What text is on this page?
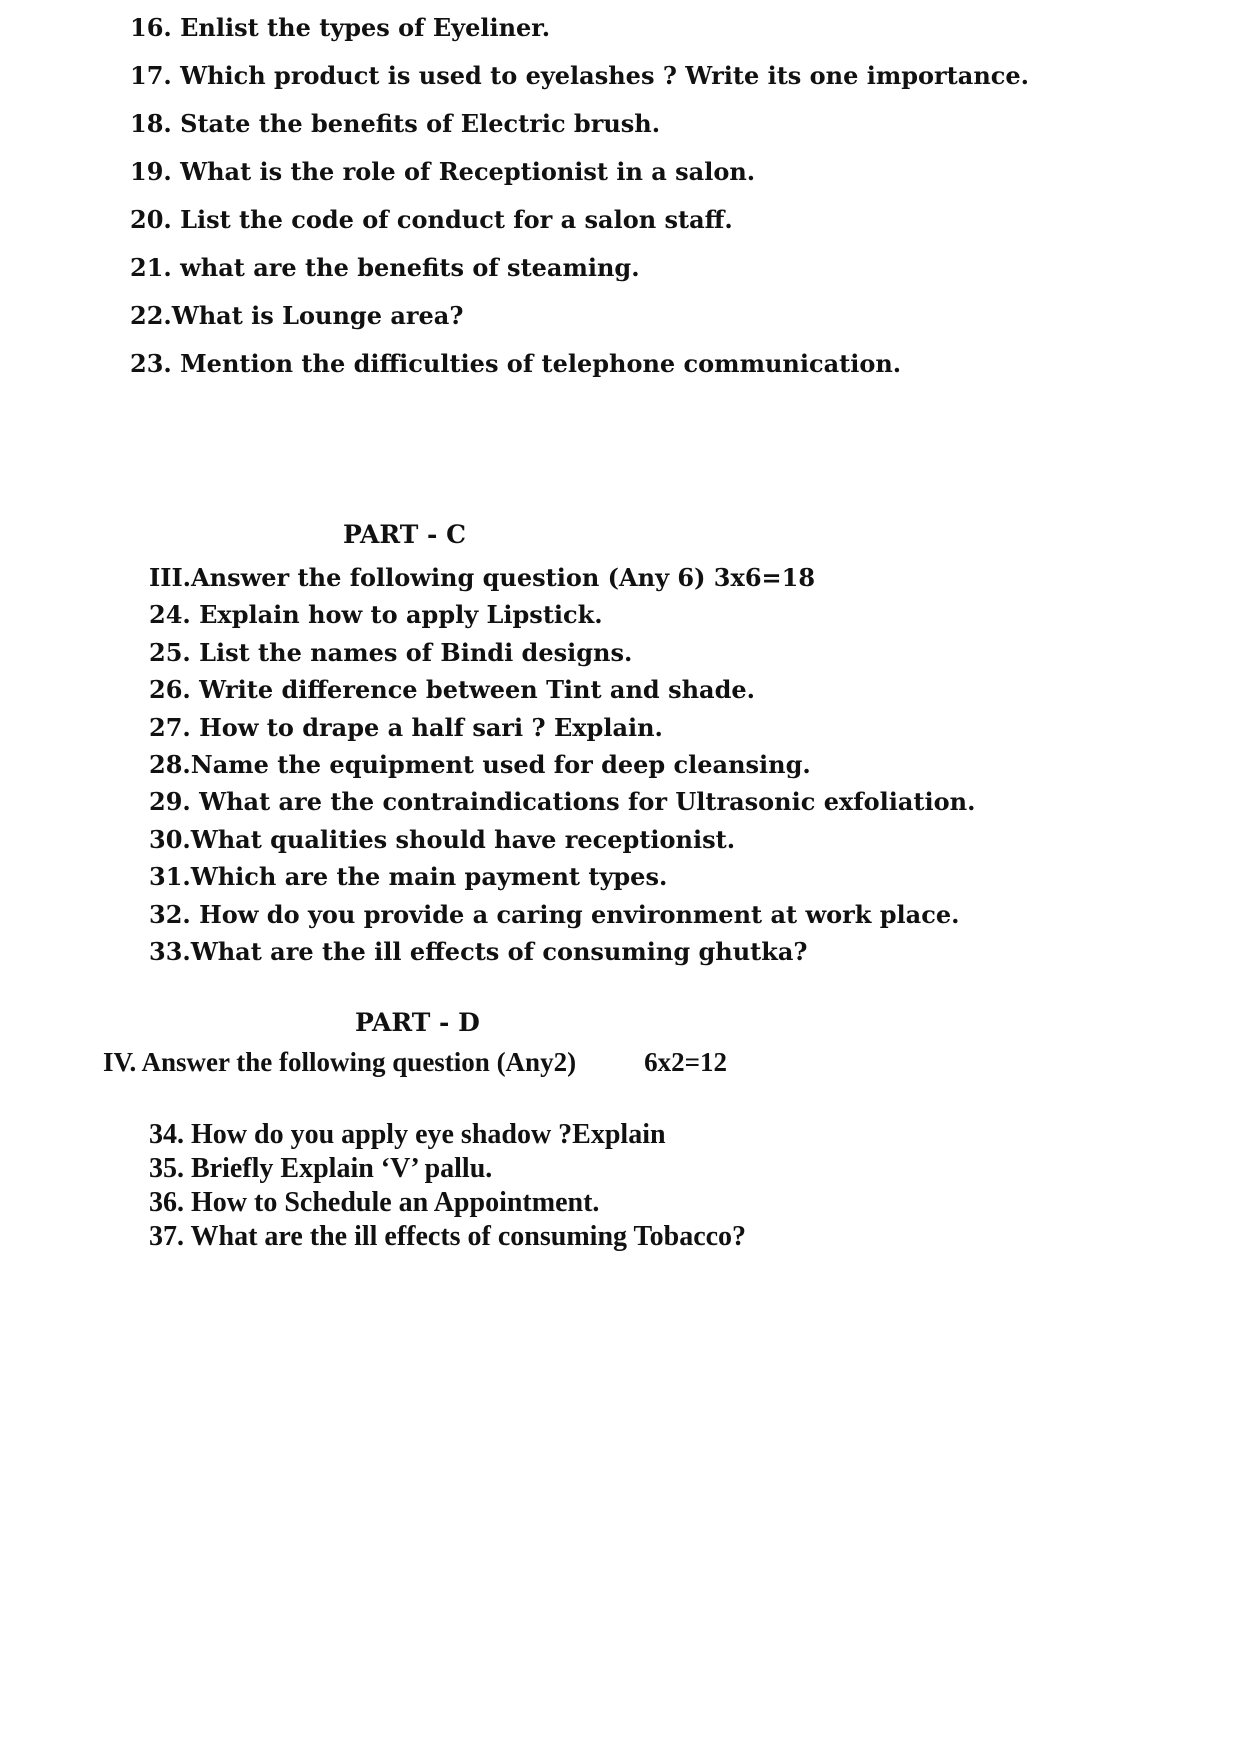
16. Enlist the types of Eyeliner.
17. Which product is used to eyelashes ? Write its one importance.
18. State the benefits of Electric brush.
19. What is the role of Receptionist in a salon.
20. List the code of conduct for a salon staff.
21. what are the benefits of steaming.
22.What is Lounge area?
23. Mention the difficulties of telephone communication.
PART - C
III.Answer the following question (Any 6) 3x6=18
24. Explain how to apply Lipstick.
25. List the names of Bindi designs.
26. Write difference between Tint and shade.
27. How to drape a half sari ? Explain.
28.Name the equipment used for deep cleansing.
29. What are the contraindications for Ultrasonic exfoliation.
30.What qualities should have receptionist.
31.Which are the main payment types.
32. How do you provide a caring environment at work place.
33.What are the ill effects of consuming ghutka?
PART - D
IV. Answer the following question (Any2)	6x2=12
34. How do you apply eye shadow ?Explain
35. Briefly Explain ‘V’ pallu.
36. How to Schedule an Appointment.
37. What are the ill effects of consuming Tobacco?
